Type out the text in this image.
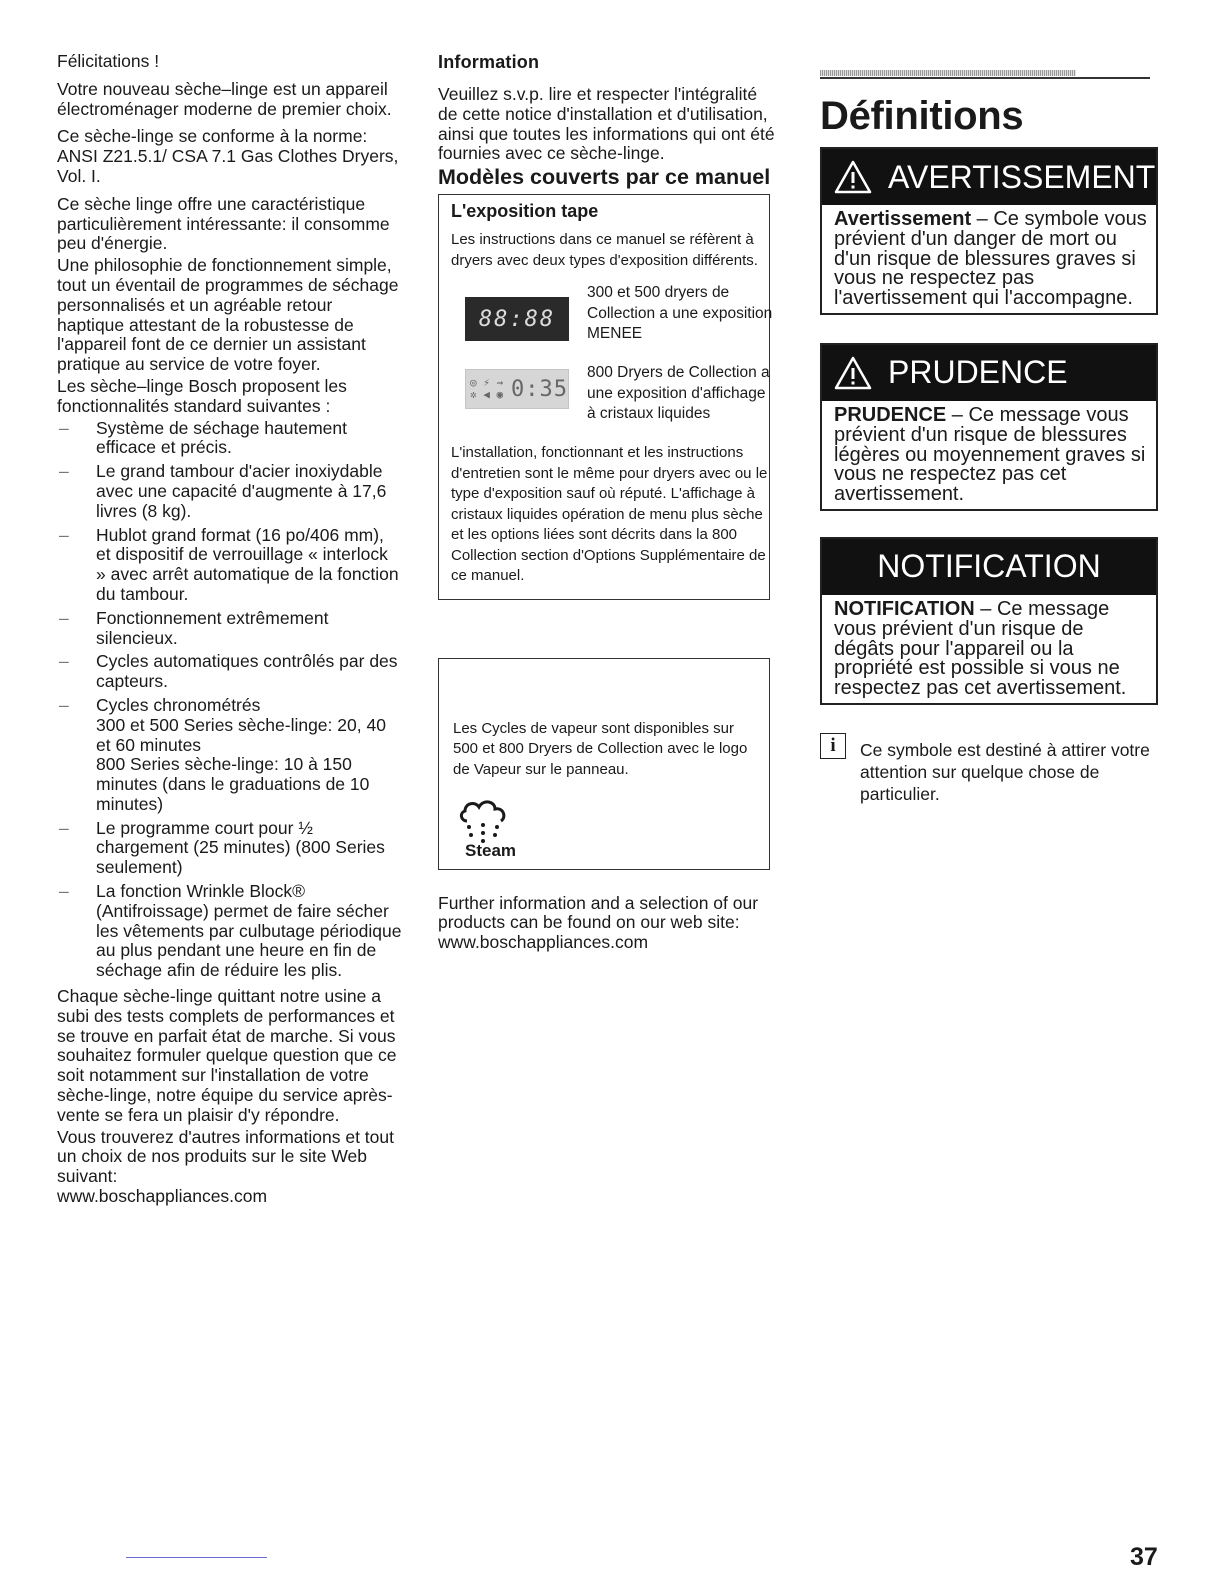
Félicitations !

Votre nouveau sèche–linge est un appareil électroménager moderne de premier choix.

Ce sèche-linge se conforme à la norme: ANSI Z21.5.1/ CSA 7.1 Gas Clothes Dryers, Vol. I.

Ce sèche linge offre une caractéristique particulièrement intéressante: il consomme peu d'énergie.

Une philosophie de fonctionnement simple, tout un éventail de programmes de séchage personnalisés et un agréable retour haptique attestant de la robustesse de l'appareil font de ce dernier un assistant pratique au service de votre foyer.

Les sèche–linge Bosch proposent les fonctionnalités standard suivantes :

– Système de séchage hautement efficace et précis.
– Le grand tambour d'acier inoxiydable avec une capacité d'augmente à 17,6 livres (8 kg).
– Hublot grand format (16 po/406 mm), et dispositif de verrouillage « interlock » avec arrêt automatique de la fonction du tambour.
– Fonctionnement extrêmement silencieux.
– Cycles automatiques contrôlés par des capteurs.
– Cycles chronométrés
300 et 500 Series sèche-linge: 20, 40 et 60 minutes
800 Series sèche-linge: 10 à 150 minutes (dans le graduations de 10 minutes)
– Le programme court pour ½ chargement (25 minutes) (800 Series seulement)
– La fonction Wrinkle Block® (Antifroissage) permet de faire sécher les vêtements par culbutage périodique au plus pendant une heure en fin de séchage afin de réduire les plis.

Chaque sèche-linge quittant notre usine a subi des tests complets de performances et se trouve en parfait état de marche. Si vous souhaitez formuler quelque question que ce soit notamment sur l'installation de votre sèche-linge, notre équipe du service après-vente se fera un plaisir d'y répondre.

Vous trouverez d'autres informations et tout un choix de nos produits sur le site Web suivant:

www.boschappliances.com

Information

Veuillez s.v.p. lire et respecter l'intégralité de cette notice d'installation et d'utilisation, ainsi que toutes les informations qui ont été fournies avec ce sèche-linge.

Modèles couverts par ce manuel

L'exposition tape

Les instructions dans ce manuel se réfèrent à dryers avec deux types d'exposition différents.

88:88

300 et 500 dryers de Collection a une exposition MENEE

◎ ⚡ ⇝
✲ ◀ ◉ 0:35

800 Dryers de Collection a une exposition d'affichage à cristaux liquides

L'installation, fonctionnant et les instructions d'entretien sont le même pour dryers avec ou le type d'exposition sauf où réputé. L'affichage à cristaux liquides opération de menu plus sèche et les options liées sont décrits dans la 800 Collection section d'Options Supplémentaire de ce manuel.

Les Cycles de vapeur sont disponibles sur 500 et 800 Dryers de Collection avec le logo de Vapeur sur le panneau.

Steam

Further information and a selection of our products can be found on our web site:

www.boschappliances.com

Définitions
AVERTISSEMENT

Avertissement – Ce symbole vous prévient d'un danger de mort ou d'un risque de blessures graves si vous ne respectez pas l'avertissement qui l'accompagne.

PRUDENCE

PRUDENCE – Ce message vous prévient d'un risque de blessures légères ou moyennement graves si vous ne respectez pas cet avertissement.

NOTIFICATION

NOTIFICATION – Ce message vous prévient d'un risque de dégâts pour l'appareil ou la propriété est possible si vous ne respectez pas cet avertissement.

i	Ce symbole est destiné à attirer votre attention sur quelque chose de particulier.

37
